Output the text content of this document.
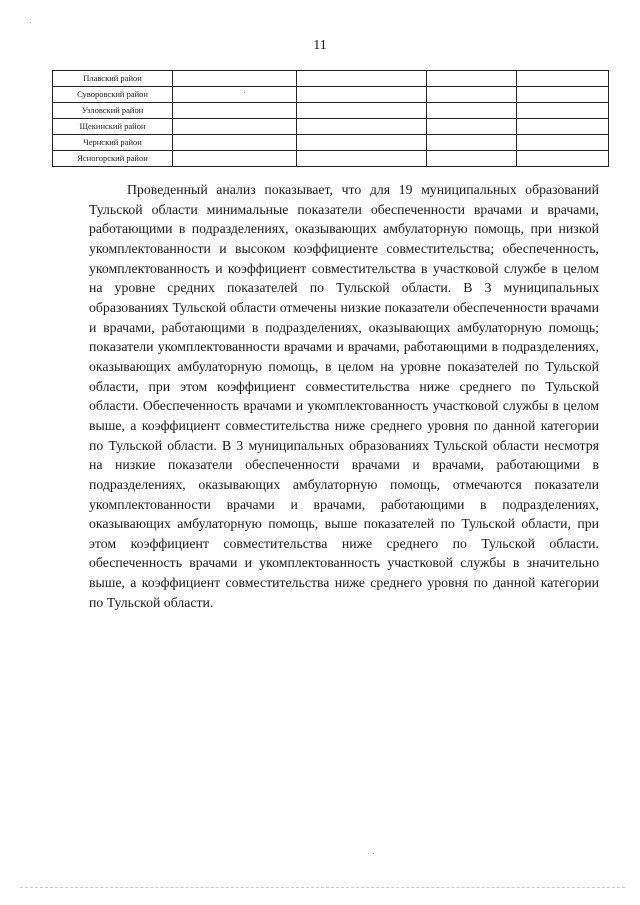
11
Плавский район				
Суворовский район				
Узловский район				
Щекинский район				
Чернский район				
Ясногорский район				

Проведенный анализ показывает, что для 19 муниципальных образований Тульской области минимальные показатели обеспеченности врачами и врачами, работающими в подразделениях, оказывающих амбулаторную помощь, при низкой укомплектованности и высоком коэффициенте совместительства; обеспеченность, укомплектованность и коэффициент совместительства в участковой службе в целом на уровне средних показателей по Тульской области. В 3 муниципальных образованиях Тульской области отмечены низкие показатели обеспеченности врачами и врачами, работающими в подразделениях, оказывающих амбулаторную помощь; показатели укомплектованности врачами и врачами, работающими в подразделениях, оказывающих амбулаторную помощь, в целом на уровне показателей по Тульской области, при этом коэффициент совместительства ниже среднего по Тульской области. Обеспеченность врачами и укомплектованность участковой службы в целом выше, а коэффициент совместительства ниже среднего уровня по данной категории по Тульской области. В 3 муниципальных образованиях Тульской области несмотря на низкие показатели обеспеченности врачами и врачами, работающими в подразделениях, оказывающих амбулаторную помощь, отмечаются показатели укомплектованности врачами и врачами, работающими в подразделениях, оказывающих амбулаторную помощь, выше показателей по Тульской области, при этом коэффициент совместительства ниже среднего по Тульской области. обеспеченность врачами и укомплектованность участковой службы в значительно выше, а коэффициент совместительства ниже среднего уровня по данной категории по Тульской области.
